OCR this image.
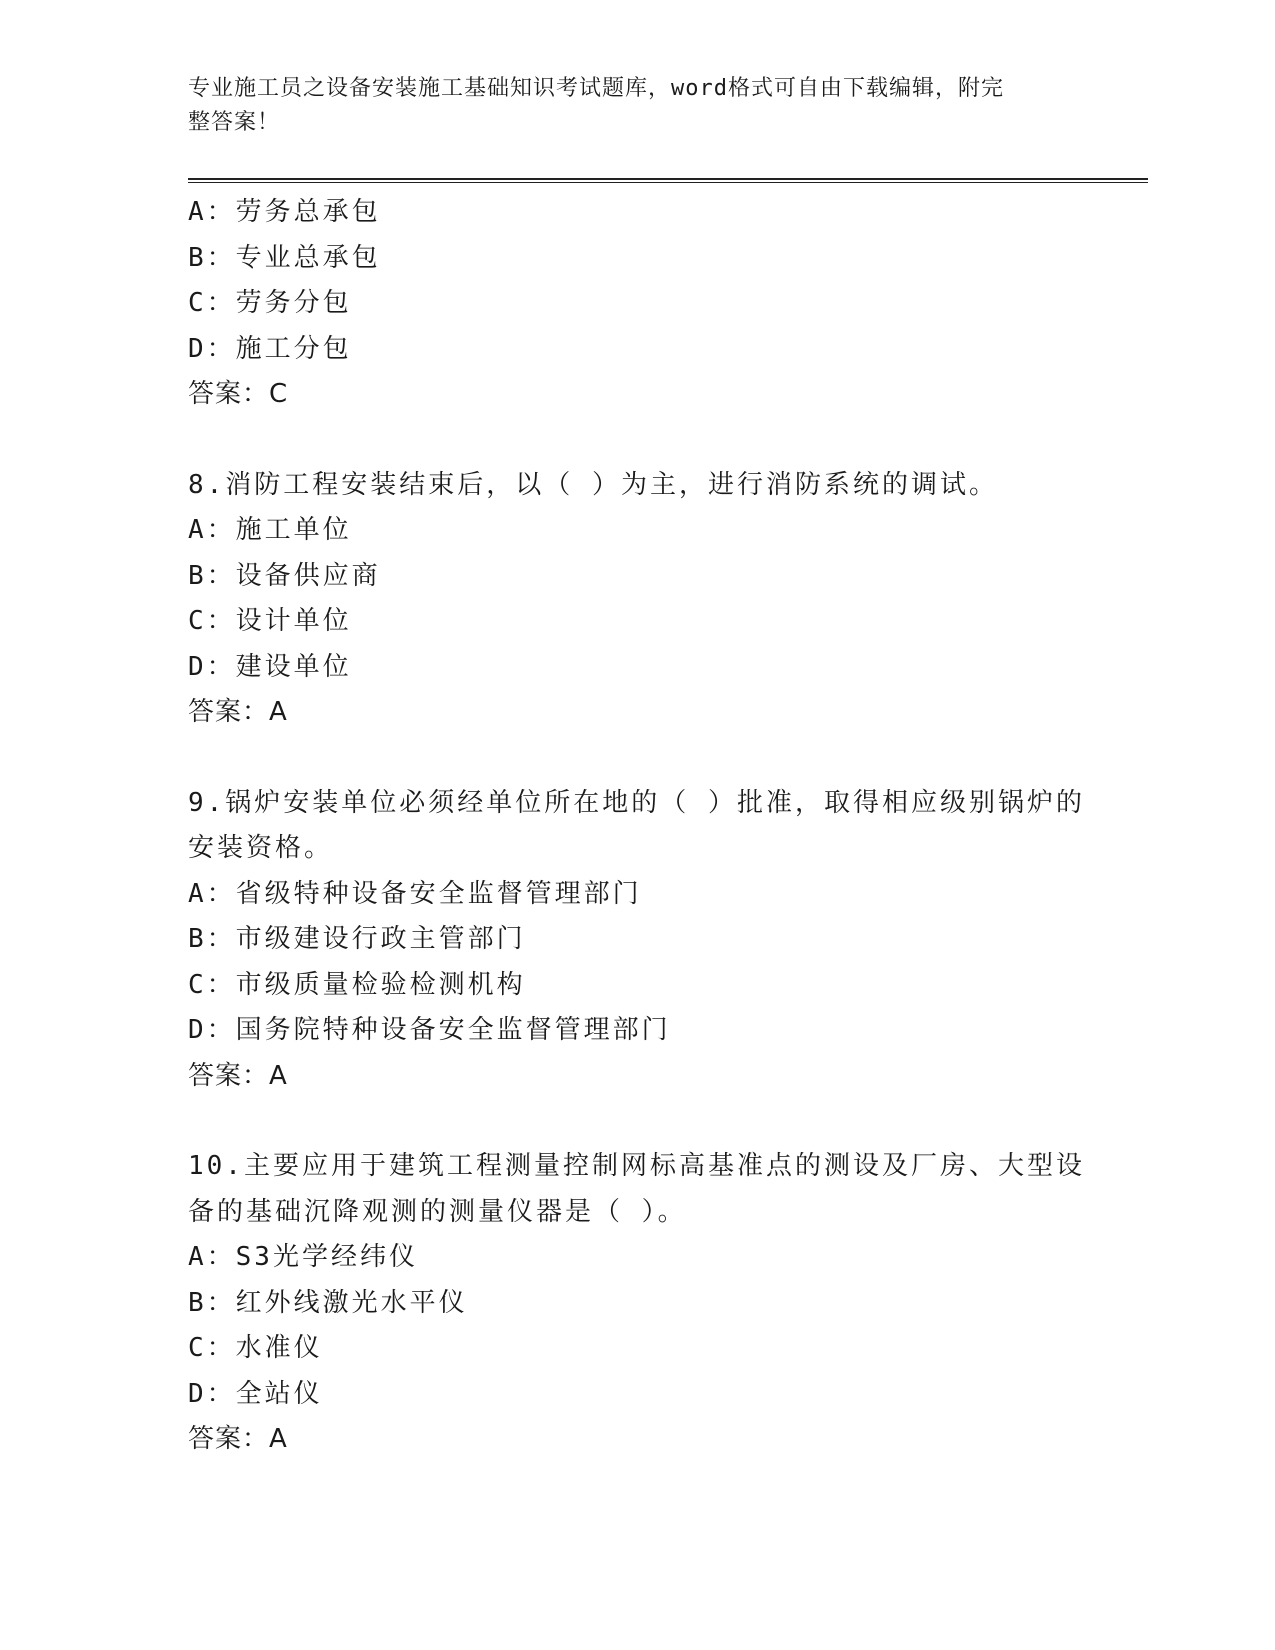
专业施工员之设备安装施工基础知识考试题库，word格式可自由下载编辑，附完
整答案！
A：劳务总承包
B：专业总承包
C：劳务分包
D：施工分包
答案：C
8.消防工程安装结束后，以（ ）为主，进行消防系统的调试。
A：施工单位
B：设备供应商
C：设计单位
D：建设单位
答案：A
9.锅炉安装单位必须经单位所在地的（ ）批准，取得相应级别锅炉的
安装资格。
A：省级特种设备安全监督管理部门
B：市级建设行政主管部门
C：市级质量检验检测机构
D：国务院特种设备安全监督管理部门
答案：A
10.主要应用于建筑工程测量控制网标高基准点的测设及厂房、大型设
备的基础沉降观测的测量仪器是（ ）。
A：S3光学经纬仪
B：红外线激光水平仪
C：水准仪
D：全站仪
答案：A
